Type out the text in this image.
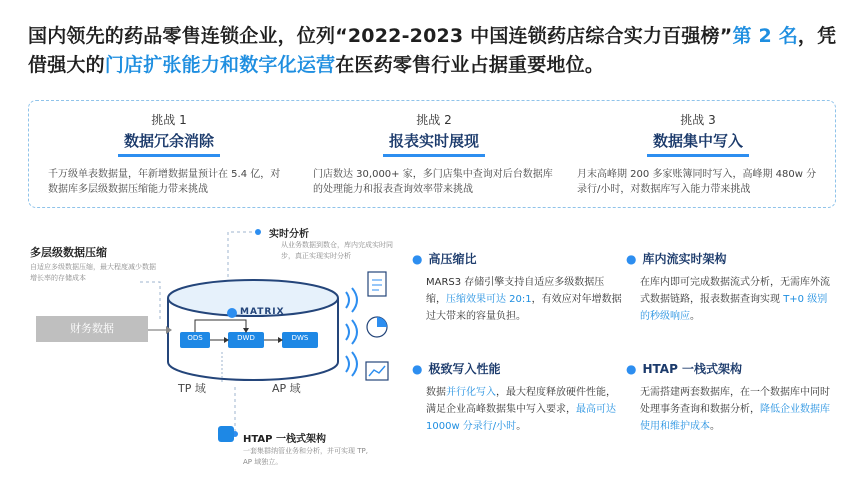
国内领先的药品零售连锁企业，位列“2022-2023 中国连锁药店综合实力百强榜”第 2 名，凭借强大的门店扩张能力和数字化运营在医药零售行业占据重要地位。
挑战 1
数据冗余消除
千万级单表数据量，年新增数据量预计在 5.4 亿，对数据库多层级数据压缩能力带来挑战
挑战 2
报表实时展现
门店数达 30,000+ 家，多门店集中查询对后台数据库的处理能力和报表查询效率带来挑战
挑战 3
数据集中写入
月末高峰期 200 多家账簿同时写入，高峰期 480w 分录行/小时，对数据库写入能力带来挑战
多层级数据压缩
自适应多级数据压缩，最大程度减少数据增长率的存储成本
财务数据
实时分析
从业务数据到数仓，库内完成实时同步，真正实现实时分析
MATRIX
ODS	DWD	DWS
TP 域	AP 域
HTAP 一栈式架构
一套集群纳管业务和分析，并可实现 TP, AP 域独立。
● 高压缩比
MARS3 存储引擎支持自适应多级数据压缩，压缩效果可达 20:1，有效应对年增数据过大带来的容量负担。
● 库内流实时架构
在库内即可完成数据流式分析，无需库外流式数据链路，报表数据查询实现 T+0 级别的秒级响应。
● 极致写入性能
数据并行化写入，最大程度释放硬件性能，满足企业高峰数据集中写入要求，最高可达 1000w 分录行/小时。
● HTAP 一栈式架构
无需搭建两套数据库，在一个数据库中同时处理事务查询和数据分析，降低企业数据库使用和维护成本。
